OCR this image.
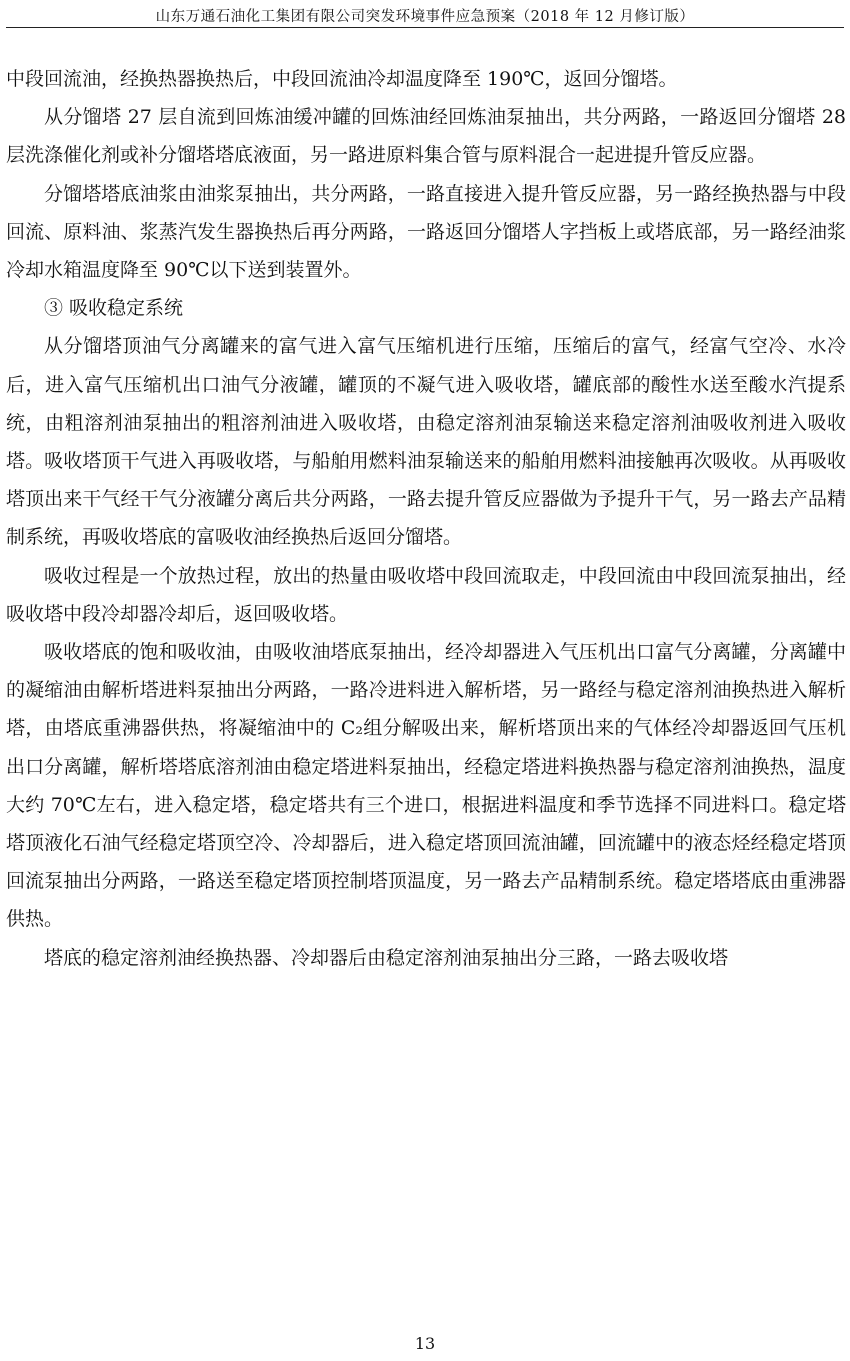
山东万通石油化工集团有限公司突发环境事件应急预案（2018 年 12 月修订版）

中段回流油，经换热器换热后，中段回流油冷却温度降至 190℃，返回分馏塔。

从分馏塔 27 层自流到回炼油缓冲罐的回炼油经回炼油泵抽出，共分两路，一路返回分馏塔 28 层洗涤催化剂或补分馏塔塔底液面，另一路进原料集合管与原料混合一起进提升管反应器。

分馏塔塔底油浆由油浆泵抽出，共分两路，一路直接进入提升管反应器，另一路经换热器与中段回流、原料油、浆蒸汽发生器换热后再分两路，一路返回分馏塔人字挡板上或塔底部，另一路经油浆冷却水箱温度降至 90℃以下送到装置外。

③ 吸收稳定系统

从分馏塔顶油气分离罐来的富气进入富气压缩机进行压缩，压缩后的富气，经富气空冷、水冷后，进入富气压缩机出口油气分液罐，罐顶的不凝气进入吸收塔，罐底部的酸性水送至酸水汽提系统，由粗溶剂油泵抽出的粗溶剂油进入吸收塔，由稳定溶剂油泵输送来稳定溶剂油吸收剂进入吸收塔。吸收塔顶干气进入再吸收塔，与船舶用燃料油泵输送来的船舶用燃料油接触再次吸收。从再吸收塔顶出来干气经干气分液罐分离后共分两路，一路去提升管反应器做为予提升干气，另一路去产品精制系统，再吸收塔底的富吸收油经换热后返回分馏塔。

吸收过程是一个放热过程，放出的热量由吸收塔中段回流取走，中段回流由中段回流泵抽出，经吸收塔中段冷却器冷却后，返回吸收塔。

吸收塔底的饱和吸收油，由吸收油塔底泵抽出，经冷却器进入气压机出口富气分离罐，分离罐中的凝缩油由解析塔进料泵抽出分两路，一路冷进料进入解析塔，另一路经与稳定溶剂油换热进入解析塔，由塔底重沸器供热，将凝缩油中的 C₂组分解吸出来，解析塔顶出来的气体经冷却器返回气压机出口分离罐，解析塔塔底溶剂油由稳定塔进料泵抽出，经稳定塔进料换热器与稳定溶剂油换热，温度大约 70℃左右，进入稳定塔，稳定塔共有三个进口，根据进料温度和季节选择不同进料口。稳定塔塔顶液化石油气经稳定塔顶空冷、冷却器后，进入稳定塔顶回流油罐，回流罐中的液态烃经稳定塔顶回流泵抽出分两路，一路送至稳定塔顶控制塔顶温度，另一路去产品精制系统。稳定塔塔底由重沸器供热。

塔底的稳定溶剂油经换热器、冷却器后由稳定溶剂油泵抽出分三路，一路去吸收塔

13
